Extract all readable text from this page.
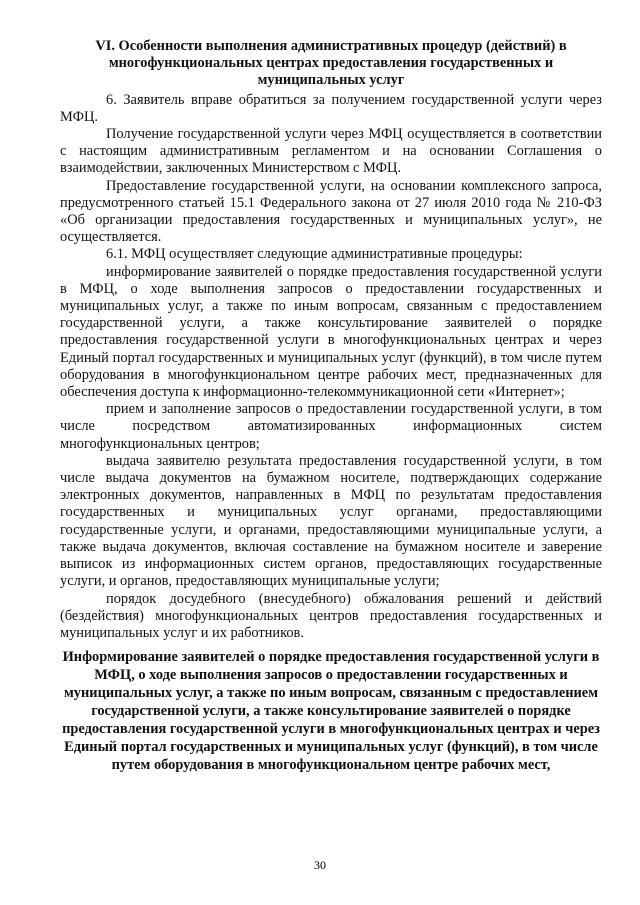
VI. Особенности выполнения административных процедур (действий) в многофункциональных центрах предоставления государственных и муниципальных услуг

6. Заявитель вправе обратиться за получением государственной услуги через МФЦ.

Получение государственной услуги через МФЦ осуществляется в соответствии с настоящим административным регламентом и на основании Соглашения о взаимодействии, заключенных Министерством с МФЦ.

Предоставление государственной услуги, на основании комплексного запроса, предусмотренного статьей 15.1 Федерального закона от 27 июля 2010 года № 210-ФЗ «Об организации предоставления государственных и муниципальных услуг», не осуществляется.

6.1. МФЦ осуществляет следующие административные процедуры:

информирование заявителей о порядке предоставления государственной услуги в МФЦ, о ходе выполнения запросов о предоставлении государственных и муниципальных услуг, а также по иным вопросам, связанным с предоставлением государственной услуги, а также консультирование заявителей о порядке предоставления государственной услуги в многофункциональных центрах и через Единый портал государственных и муниципальных услуг (функций), в том числе путем оборудования в многофункциональном центре рабочих мест, предназначенных для обеспечения доступа к информационно-телекоммуникационной сети «Интернет»;

прием и заполнение запросов о предоставлении государственной услуги, в том числе посредством автоматизированных информационных систем многофункциональных центров;

выдача заявителю результата предоставления государственной услуги, в том числе выдача документов на бумажном носителе, подтверждающих содержание электронных документов, направленных в МФЦ по результатам предоставления государственных и муниципальных услуг органами, предоставляющими государственные услуги, и органами, предоставляющими муниципальные услуги, а также выдача документов, включая составление на бумажном носителе и заверение выписок из информационных систем органов, предоставляющих государственные услуги, и органов, предоставляющих муниципальные услуги;

порядок досудебного (внесудебного) обжалования решений и действий (бездействия) многофункциональных центров предоставления государственных и муниципальных услуг и их работников.

Информирование заявителей о порядке предоставления государственной услуги в МФЦ, о ходе выполнения запросов о предоставлении государственных и муниципальных услуг, а также по иным вопросам, связанным с предоставлением государственной услуги, а также консультирование заявителей о порядке предоставления государственной услуги в многофункциональных центрах и через Единый портал государственных и муниципальных услуг (функций), в том числе путем оборудования в многофункциональном центре рабочих мест,
30
